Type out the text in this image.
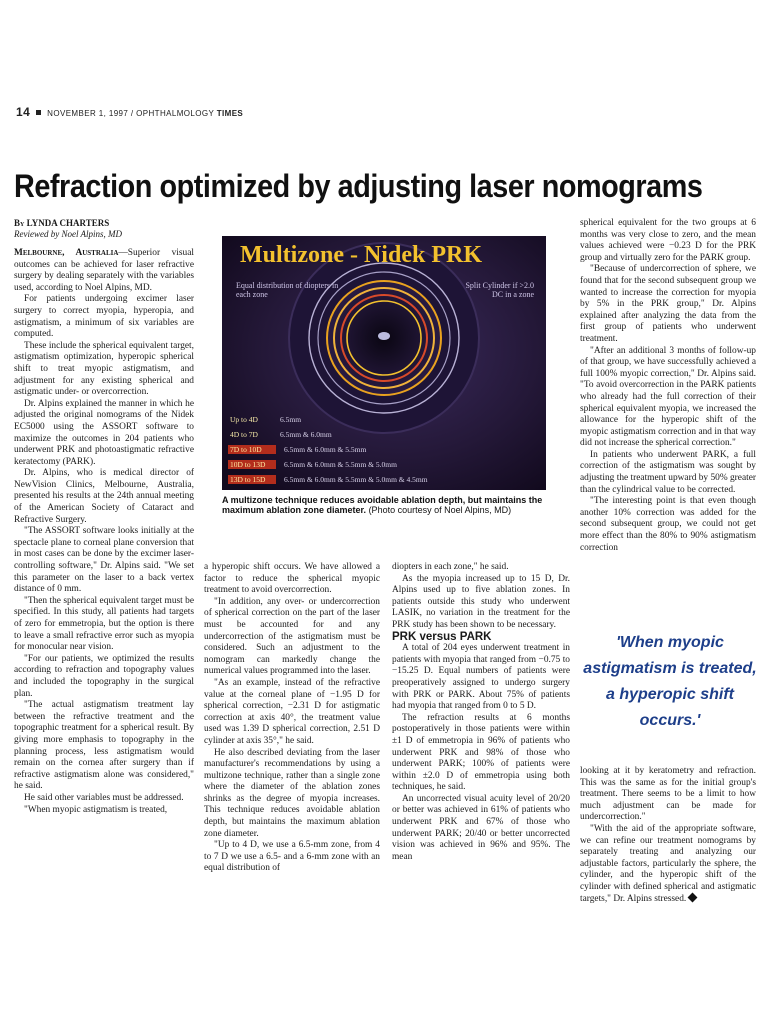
14 NOVEMBER 1, 1997 / OPHTHALMOLOGY TIMES
Refraction optimized by adjusting laser nomograms
By LYNDA CHARTERS
Reviewed by Noel Alpins, MD

Melbourne, Australia—Superior visual outcomes can be achieved for laser refractive surgery by dealing separately with the variables used, according to Noel Alpins, MD.

For patients undergoing excimer laser surgery to correct myopia, hyperopia, and astigmatism, a minimum of six variables are computed.

These include the spherical equivalent target, astigmatism optimization, hyperopic spherical shift to treat myopic astigmatism, and adjustment for any existing spherical and astigmatic under- or overcorrection.

Dr. Alpins explained the manner in which he adjusted the original nomograms of the Nidek EC5000 using the ASSORT software to maximize the outcomes in 204 patients who underwent PRK and photoastigmatic refractive keratectomy (PARK).

Dr. Alpins, who is medical director of NewVision Clinics, Melbourne, Australia, presented his results at the 24th annual meeting of the American Society of Cataract and Refractive Surgery.

"The ASSORT software looks initially at the spectacle plane to corneal plane conversion that in most cases can be done by the excimer laser-controlling software," Dr. Alpins said. "We set this parameter on the laser to a back vertex distance of 0 mm.

"Then the spherical equivalent target must be specified. In this study, all patients had targets of zero for emmetropia, but the option is there to leave a small refractive error such as myopia for monocular near vision.

"For our patients, we optimized the results according to refraction and topography values and included the topography in the surgical plan.

"The actual astigmatism treatment lay between the refractive treatment and the topographic treatment for a spherical result. By giving more emphasis to topography in the planning process, less astigmatism would remain on the cornea after surgery than if refractive astigmatism alone was considered," he said.

He said other variables must be addressed.

"When myopic astigmatism is treated,

Multizone - Nidek PRK
Equal distribution of diopters in each zone
Split Cylinder if >2.0 DC in a zone
Up to 4D	6.5mm
4D to 7D	6.5mm & 6.0mm
7D to 10D	6.5mm & 6.0mm & 5.5mm
10D to 13D	6.5mm & 6.0mm & 5.5mm & 5.0mm
13D to 15D	6.5mm & 6.0mm & 5.5mm & 5.0mm & 4.5mm
A multizone technique reduces avoidable ablation depth, but maintains the maximum ablation zone diameter. (Photo courtesy of Noel Alpins, MD)

a hyperopic shift occurs. We have allowed a factor to reduce the spherical myopic treatment to avoid overcorrection.

"In addition, any over- or undercorrection of spherical correction on the part of the laser must be accounted for and any undercorrection of the astigmatism must be considered. Such an adjustment to the nomogram can markedly change the numerical values programmed into the laser.

"As an example, instead of the refractive value at the corneal plane of −1.95 D for spherical correction, −2.31 D for astigmatic correction at axis 40°, the treatment value used was 1.39 D spherical correction, 2.51 D cylinder at axis 35°," he said.

He also described deviating from the laser manufacturer's recommendations by using a multizone technique, rather than a single zone where the diameter of the ablation zones shrinks as the degree of myopia increases. This technique reduces avoidable ablation depth, but maintains the maximum ablation zone diameter.

"Up to 4 D, we use a 6.5-mm zone, from 4 to 7 D we use a 6.5- and a 6-mm zone with an equal distribution of

diopters in each zone," he said.

As the myopia increased up to 15 D, Dr. Alpins used up to five ablation zones. In patients outside this study who underwent LASIK, no variation in the treatment for the PRK study has been shown to be necessary.

PRK versus PARK

A total of 204 eyes underwent treatment in patients with myopia that ranged from −0.75 to −15.25 D. Equal numbers of patients were preoperatively assigned to undergo surgery with PRK or PARK. About 75% of patients had myopia that ranged from 0 to 5 D.

The refraction results at 6 months postoperatively in those patients were within ±1 D of emmetropia in 96% of patients who underwent PRK and 98% of those who underwent PARK; 100% of patients were within ±2.0 D of emmetropia using both techniques, he said.

An uncorrected visual acuity level of 20/20 or better was achieved in 61% of patients who underwent PRK and 67% of those who underwent PARK; 20/40 or better uncorrected vision was achieved in 96% and 95%. The mean

spherical equivalent for the two groups at 6 months was very close to zero, and the mean values achieved were −0.23 D for the PRK group and virtually zero for the PARK group.

"Because of undercorrection of sphere, we found that for the second subsequent group we wanted to increase the correction for myopia by 5% in the PRK group," Dr. Alpins explained after analyzing the data from the first group of patients who underwent treatment.

"After an additional 3 months of follow-up of that group, we have successfully achieved a full 100% myopic correction," Dr. Alpins said. "To avoid overcorrection in the PARK patients who already had the full correction of their spherical equivalent myopia, we increased the allowance for the hyperopic shift of the myopic astigmatism correction and in that way did not increase the spherical correction."

In patients who underwent PARK, a full correction of the astigmatism was sought by adjusting the treatment upward by 50% greater than the cylindrical value to be corrected.

"The interesting point is that even though another 10% correction was added for the second subsequent group, we could not get more effect than the 80% to 90% astigmatism correction

'When myopic astigmatism is treated, a hyperopic shift occurs.'

looking at it by keratometry and refraction. This was the same as for the initial group's treatment. There seems to be a limit to how much adjustment can be made for undercorrection."

"With the aid of the appropriate software, we can refine our treatment nomograms by separately treating and analyzing our adjustable factors, particularly the sphere, the cylinder, and the hyperopic shift of the cylinder with defined spherical and astigmatic targets," Dr. Alpins stressed.
